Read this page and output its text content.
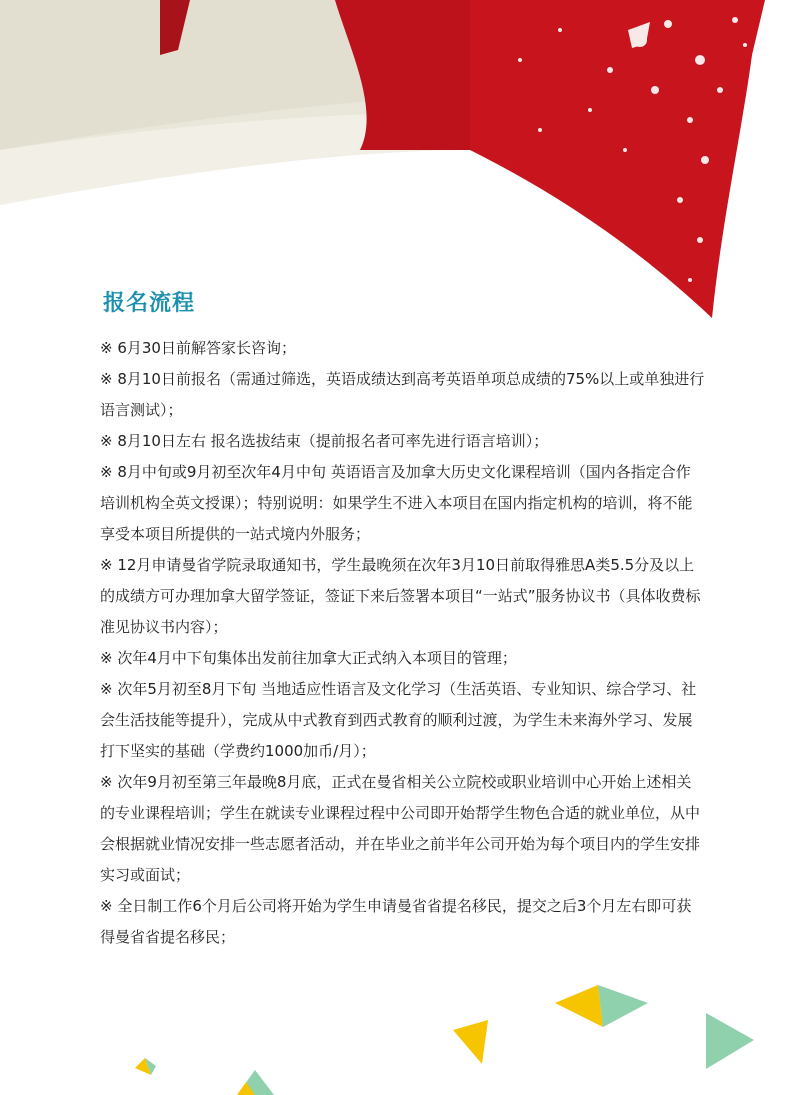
报名流程

※ 6月30日前解答家长咨询；

※ 8月10日前报名（需通过筛选，英语成绩达到高考英语单项总成绩的75%以上或单独进行语言测试）；

※ 8月10日左右 报名选拔结束（提前报名者可率先进行语言培训）；

※ 8月中旬或9月初至次年4月中旬 英语语言及加拿大历史文化课程培训（国内各指定合作培训机构全英文授课）；特别说明：如果学生不进入本项目在国内指定机构的培训，将不能享受本项目所提供的一站式境内外服务；

※ 12月申请曼省学院录取通知书，学生最晚须在次年3月10日前取得雅思A类5.5分及以上的成绩方可办理加拿大留学签证，签证下来后签署本项目“一站式”服务协议书（具体收费标准见协议书内容）；

※ 次年4月中下旬集体出发前往加拿大正式纳入本项目的管理；

※ 次年5月初至8月下旬 当地适应性语言及文化学习（生活英语、专业知识、综合学习、社会生活技能等提升），完成从中式教育到西式教育的顺利过渡，为学生未来海外学习、发展打下坚实的基础（学费约1000加币/月）；

※ 次年9月初至第三年最晚8月底，正式在曼省相关公立院校或职业培训中心开始上述相关的专业课程培训；学生在就读专业课程过程中公司即开始帮学生物色合适的就业单位，从中会根据就业情况安排一些志愿者活动，并在毕业之前半年公司开始为每个项目内的学生安排实习或面试；

※ 全日制工作6个月后公司将开始为学生申请曼省省提名移民，提交之后3个月左右即可获得曼省省提名移民；
